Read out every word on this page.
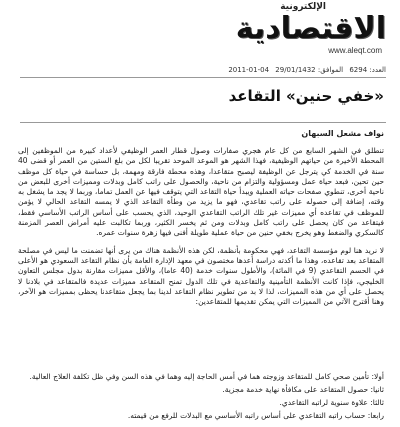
الإلكترونية
الاقتصادية
www.aleqt.com
العدد: 6294 الموافق: 29/01/1432 04-01-2011
«خفي حنين» التقاعد
نواف مشعل السبهان

تنطلق في الشهر السابع من كل عام هجري صفارات وصول قطار العمر الوظيفي لأعداد كبيرة من الموظفين إلى المحطة الأخيرة من حياتهم الوظيفية، فهذا الشهر هو الموعد الموحد تقريبا لكل من بلغ الستين من العمر أو قضى 40 سنة في الخدمة كي يترجل عن الوظيفة ليصبح متقاعدا، وهذه محطة فارقة ومهمة، بل حساسة في حياة كل موظف حين تحين، فبعد حياة عمل ومسؤولية والتزام من ناحية، والحصول على راتب كامل وبدلات ومميزات أخرى للبعض من ناحية أخرى، تنطوي صفحات حياته العملية ويبدأ حياة التقاعد التي يتوقف فيها عن العمل تماما، وربما لا يجد ما يشغل به وقته، إضافة إلى حصوله على راتب تقاعدي، فهو ما يزيد من وطأة التقاعد الذي لا يمسه التقاعد الحالي لا يؤمن للموظف في تقاعده أي مميزات غير تلك الراتب التقاعدي الوحيد، الذي يحسب على أساس الراتب الأساسي فقط، فيتقاعد من كان يحصل على راتب كامل وبدلات ومن ثم يخسر الكثير، وربما تكالبت عليه أمراض العصر المزمنة كالسكري والضغط وهو يخرج بخفي حنين من حياة عملية طويلة أفنى فيها زهرة سنوات عمره.

لا نريد هنا لوم مؤسسة التقاعد، فهي محكومة بأنظمة، لكن هذه الأنظمة هناك من يرى أنها تضمنت ما ليس في مصلحة المتقاعد بعد تقاعده، وهذا ما أكدته دراسة أعدها مختصون في معهد الإدارة العامة بأن نظام التقاعد السعودي هو الأعلى في الحسم التقاعدي (9 في المائة)، والأطول سنوات خدمة (40 عاما)، والأقل مميزات مقارنة بدول مجلس التعاون الخليجي، فإذا كانت الأنظمة التأمينية والتقاعدية في تلك الدول تمنح المتقاعد مميزات عديدة فالمتقاعد في بلادنا لا يحصل على أي من هذه المميزات، لذا لا بد من تطوير نظام التقاعد لدينا بما يجعل متقاعدنا يحظى بمميزات هو الآخر، وهنا أقترح الآتي من المميزات التي يمكن تقديمها للمتقاعدين:

أولا: تأمين صحي كامل للمتقاعد وزوجته هما في أمس الحاجة إليه وهما في هذه السن وفي ظل تكلفة العلاج العالية.
ثانيا: حصول المتقاعد على مكافأة نهاية خدمة مجزية.
ثالثا: علاوة سنوية لراتبه التقاعدي.
رابعا: حساب راتبه التقاعدي على أساس راتبه الأساسي مع البدلات للرفع من قيمته.
